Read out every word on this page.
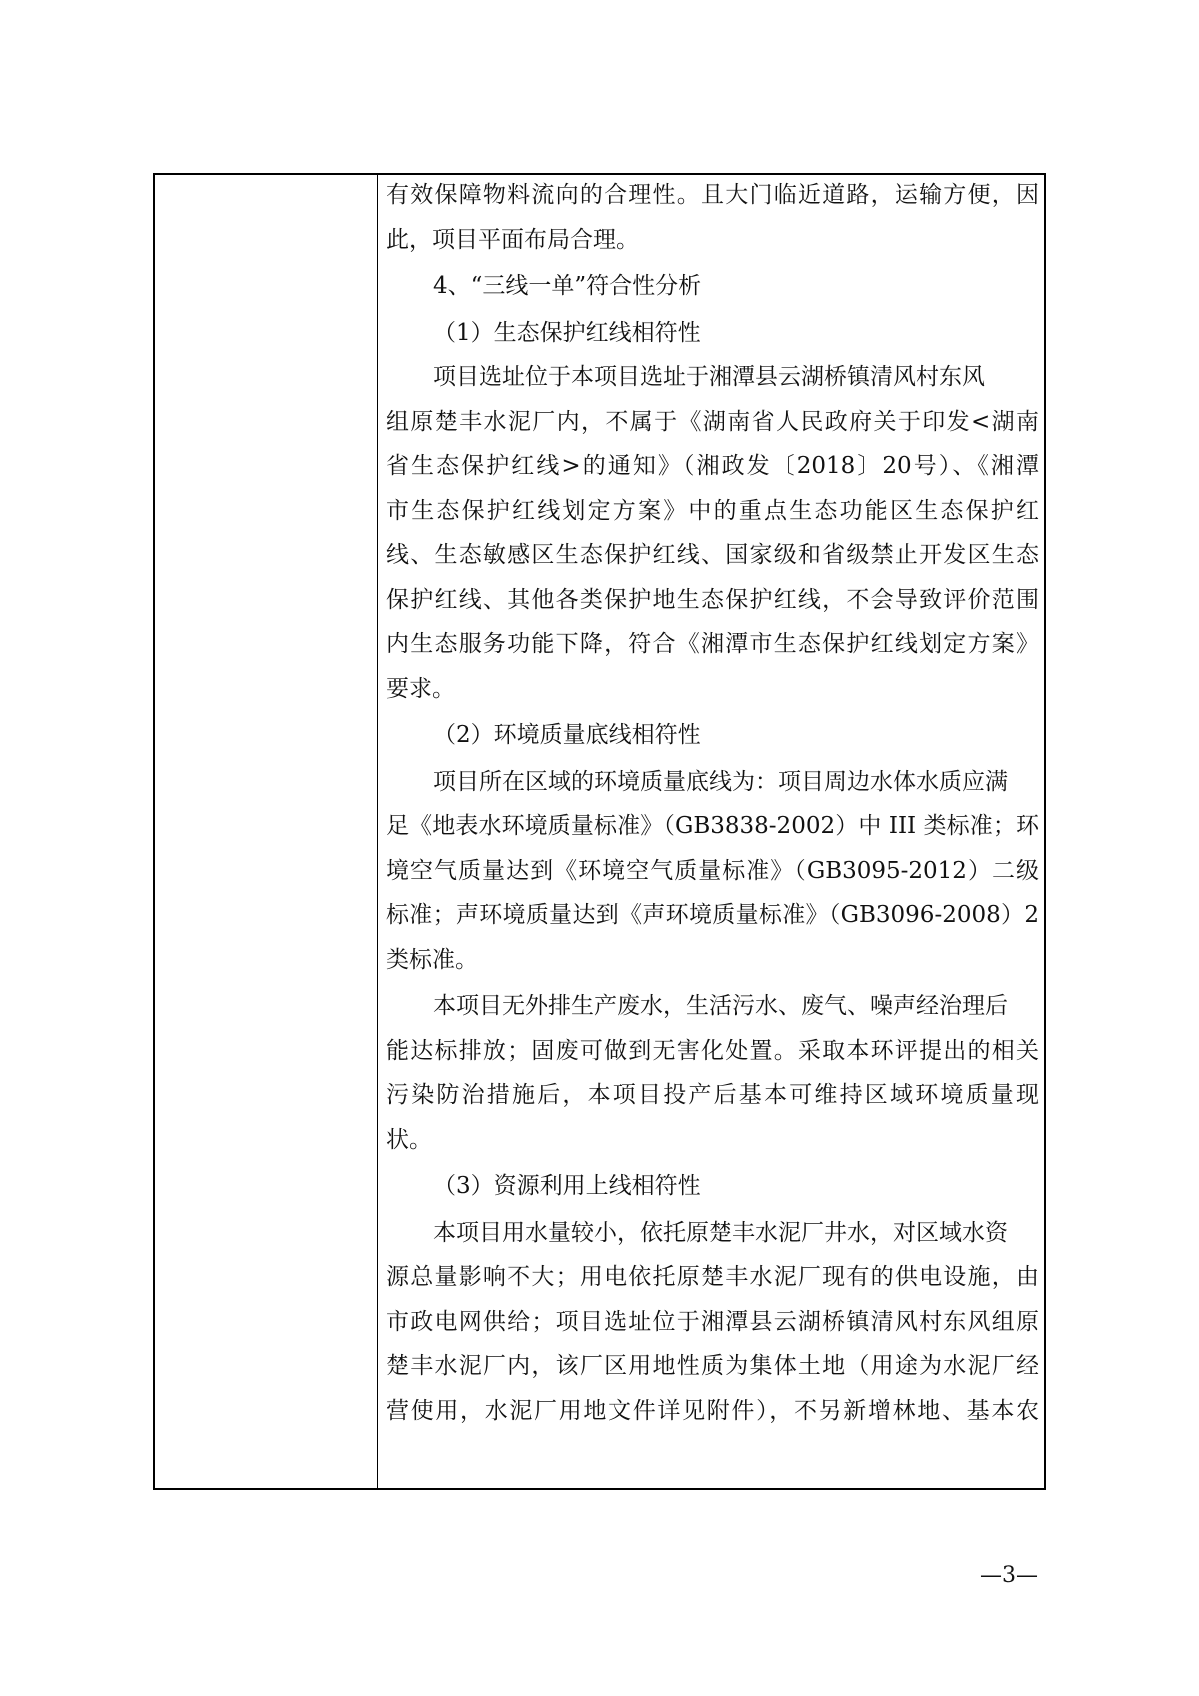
有效保障物料流向的合理性。且大门临近道路，运输方便，因
此，项目平面布局合理。
4、“三线一单”符合性分析
（1）生态保护红线相符性
项目选址位于本项目选址于湘潭县云湖桥镇清风村东风
组原楚丰水泥厂内，不属于《湖南省人民政府关于印发<湖南
省生态保护红线>的通知》（湘政发〔2018〕20号）、《湘潭
市生态保护红线划定方案》中的重点生态功能区生态保护红
线、生态敏感区生态保护红线、国家级和省级禁止开发区生态
保护红线、其他各类保护地生态保护红线，不会导致评价范围
内生态服务功能下降，符合《湘潭市生态保护红线划定方案》
要求。
（2）环境质量底线相符性
项目所在区域的环境质量底线为：项目周边水体水质应满
足《地表水环境质量标准》（GB3838-2002）中 III 类标准；环
境空气质量达到《环境空气质量标准》（GB3095-2012）二级
标准；声环境质量达到《声环境质量标准》（GB3096-2008）2
类标准。
本项目无外排生产废水，生活污水、废气、噪声经治理后
能达标排放；固废可做到无害化处置。采取本环评提出的相关
污染防治措施后，本项目投产后基本可维持区域环境质量现
状。
（3）资源利用上线相符性
本项目用水量较小，依托原楚丰水泥厂井水，对区域水资
源总量影响不大；用电依托原楚丰水泥厂现有的供电设施，由
市政电网供给；项目选址位于湘潭县云湖桥镇清风村东风组原
楚丰水泥厂内，该厂区用地性质为集体土地（用途为水泥厂经
营使用，水泥厂用地文件详见附件），不另新增林地、基本农
—3—
